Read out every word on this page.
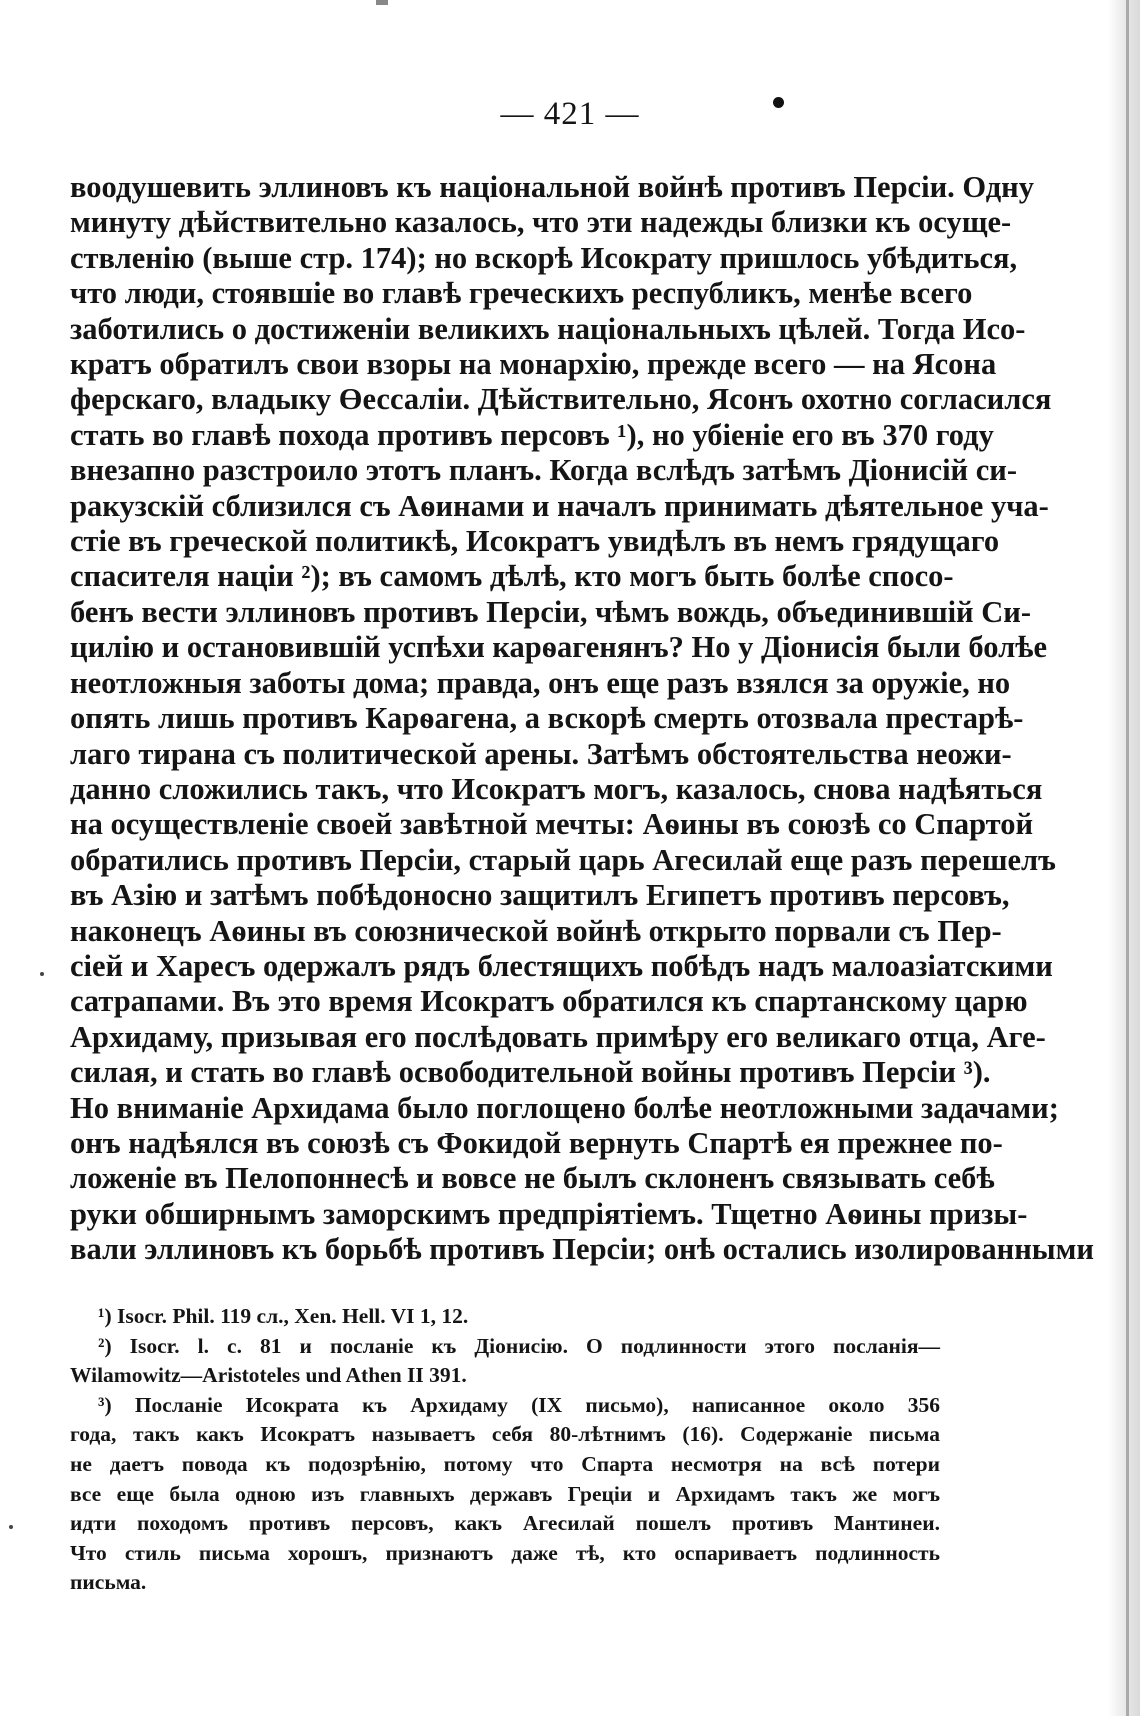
— 421 —
воодушевить эллиновъ къ національной войнѣ противъ Персіи. Одну
минуту дѣйствительно казалось, что эти надежды близки къ осуще-
ствленію (выше стр. 174); но вскорѣ Исократу пришлось убѣдиться,
что люди, стоявшіе во главѣ греческихъ республикъ, менѣе всего
заботились о достиженіи великихъ національныхъ цѣлей. Тогда Исо-
кратъ обратилъ свои взоры на монархію, прежде всего — на Ясона
ферскаго, владыку Өессаліи. Дѣйствительно, Ясонъ охотно согласился
стать во главѣ похода противъ персовъ ¹), но убіеніе его въ 370 году
внезапно разстроило этотъ планъ. Когда вслѣдъ затѣмъ Діонисій си-
ракузскій сблизился съ Аѳинами и началъ принимать дѣятельное уча-
стіе въ греческой политикѣ, Исократъ увидѣлъ въ немъ грядущаго
спасителя націи ²); въ самомъ дѣлѣ, кто могъ быть болѣе спосо-
бенъ вести эллиновъ противъ Персіи, чѣмъ вождь, объединившій Си-
цилію и остановившій успѣхи карѳагенянъ? Но у Діонисія были болѣе
неотложныя заботы дома; правда, онъ еще разъ взялся за оружіе, но
опять лишь противъ Карѳагена, а вскорѣ смерть отозвала престарѣ-
лаго тирана съ политической арены. Затѣмъ обстоятельства неожи-
данно сложились такъ, что Исократъ могъ, казалось, снова надѣяться
на осуществленіе своей завѣтной мечты: Аѳины въ союзѣ со Спартой
обратились противъ Персіи, старый царь Агесилай еще разъ перешелъ
въ Азію и затѣмъ побѣдоносно защитилъ Египетъ противъ персовъ,
наконецъ Аѳины въ союзнической войнѣ открыто порвали съ Пер-
сіей и Харесъ одержалъ рядъ блестящихъ побѣдъ надъ малоазіатскими
сатрапами. Въ это время Исократъ обратился къ спартанскому царю
Архидаму, призывая его послѣдовать примѣру его великаго отца, Аге-
силая, и стать во главѣ освободительной войны противъ Персіи ³).
Но вниманіе Архидама было поглощено болѣе неотложными задачами;
онъ надѣялся въ союзѣ съ Фокидой вернуть Спартѣ ея прежнее по-
ложеніе въ Пелопоннесѣ и вовсе не былъ склоненъ связывать себѣ
руки обширнымъ заморскимъ предпріятіемъ. Тщетно Аѳины призы-
вали эллиновъ къ борьбѣ противъ Персіи; онѣ остались изолированными
¹) Isocr. Phil. 119 сл., Xen. Hell. VI 1, 12.
²) Isocr. l. c. 81 и посланіе къ Діонисію. О подлинности этого посланія—
Wilamowitz—Aristoteles und Athen II 391.
³) Посланіе Исократа къ Архидаму (IX письмо), написанное около 356
года, такъ какъ Исократъ называетъ себя 80-лѣтнимъ (16). Содержаніе письма
не даетъ повода къ подозрѣнію, потому что Спарта несмотря на всѣ потери
все еще была одною изъ главныхъ державъ Греціи и Архидамъ такъ же могъ
идти походомъ противъ персовъ, какъ Агесилай пошелъ противъ Мантинеи.
Что стиль письма хорошъ, признаютъ даже тѣ, кто оспариваетъ подлинность
письма.
